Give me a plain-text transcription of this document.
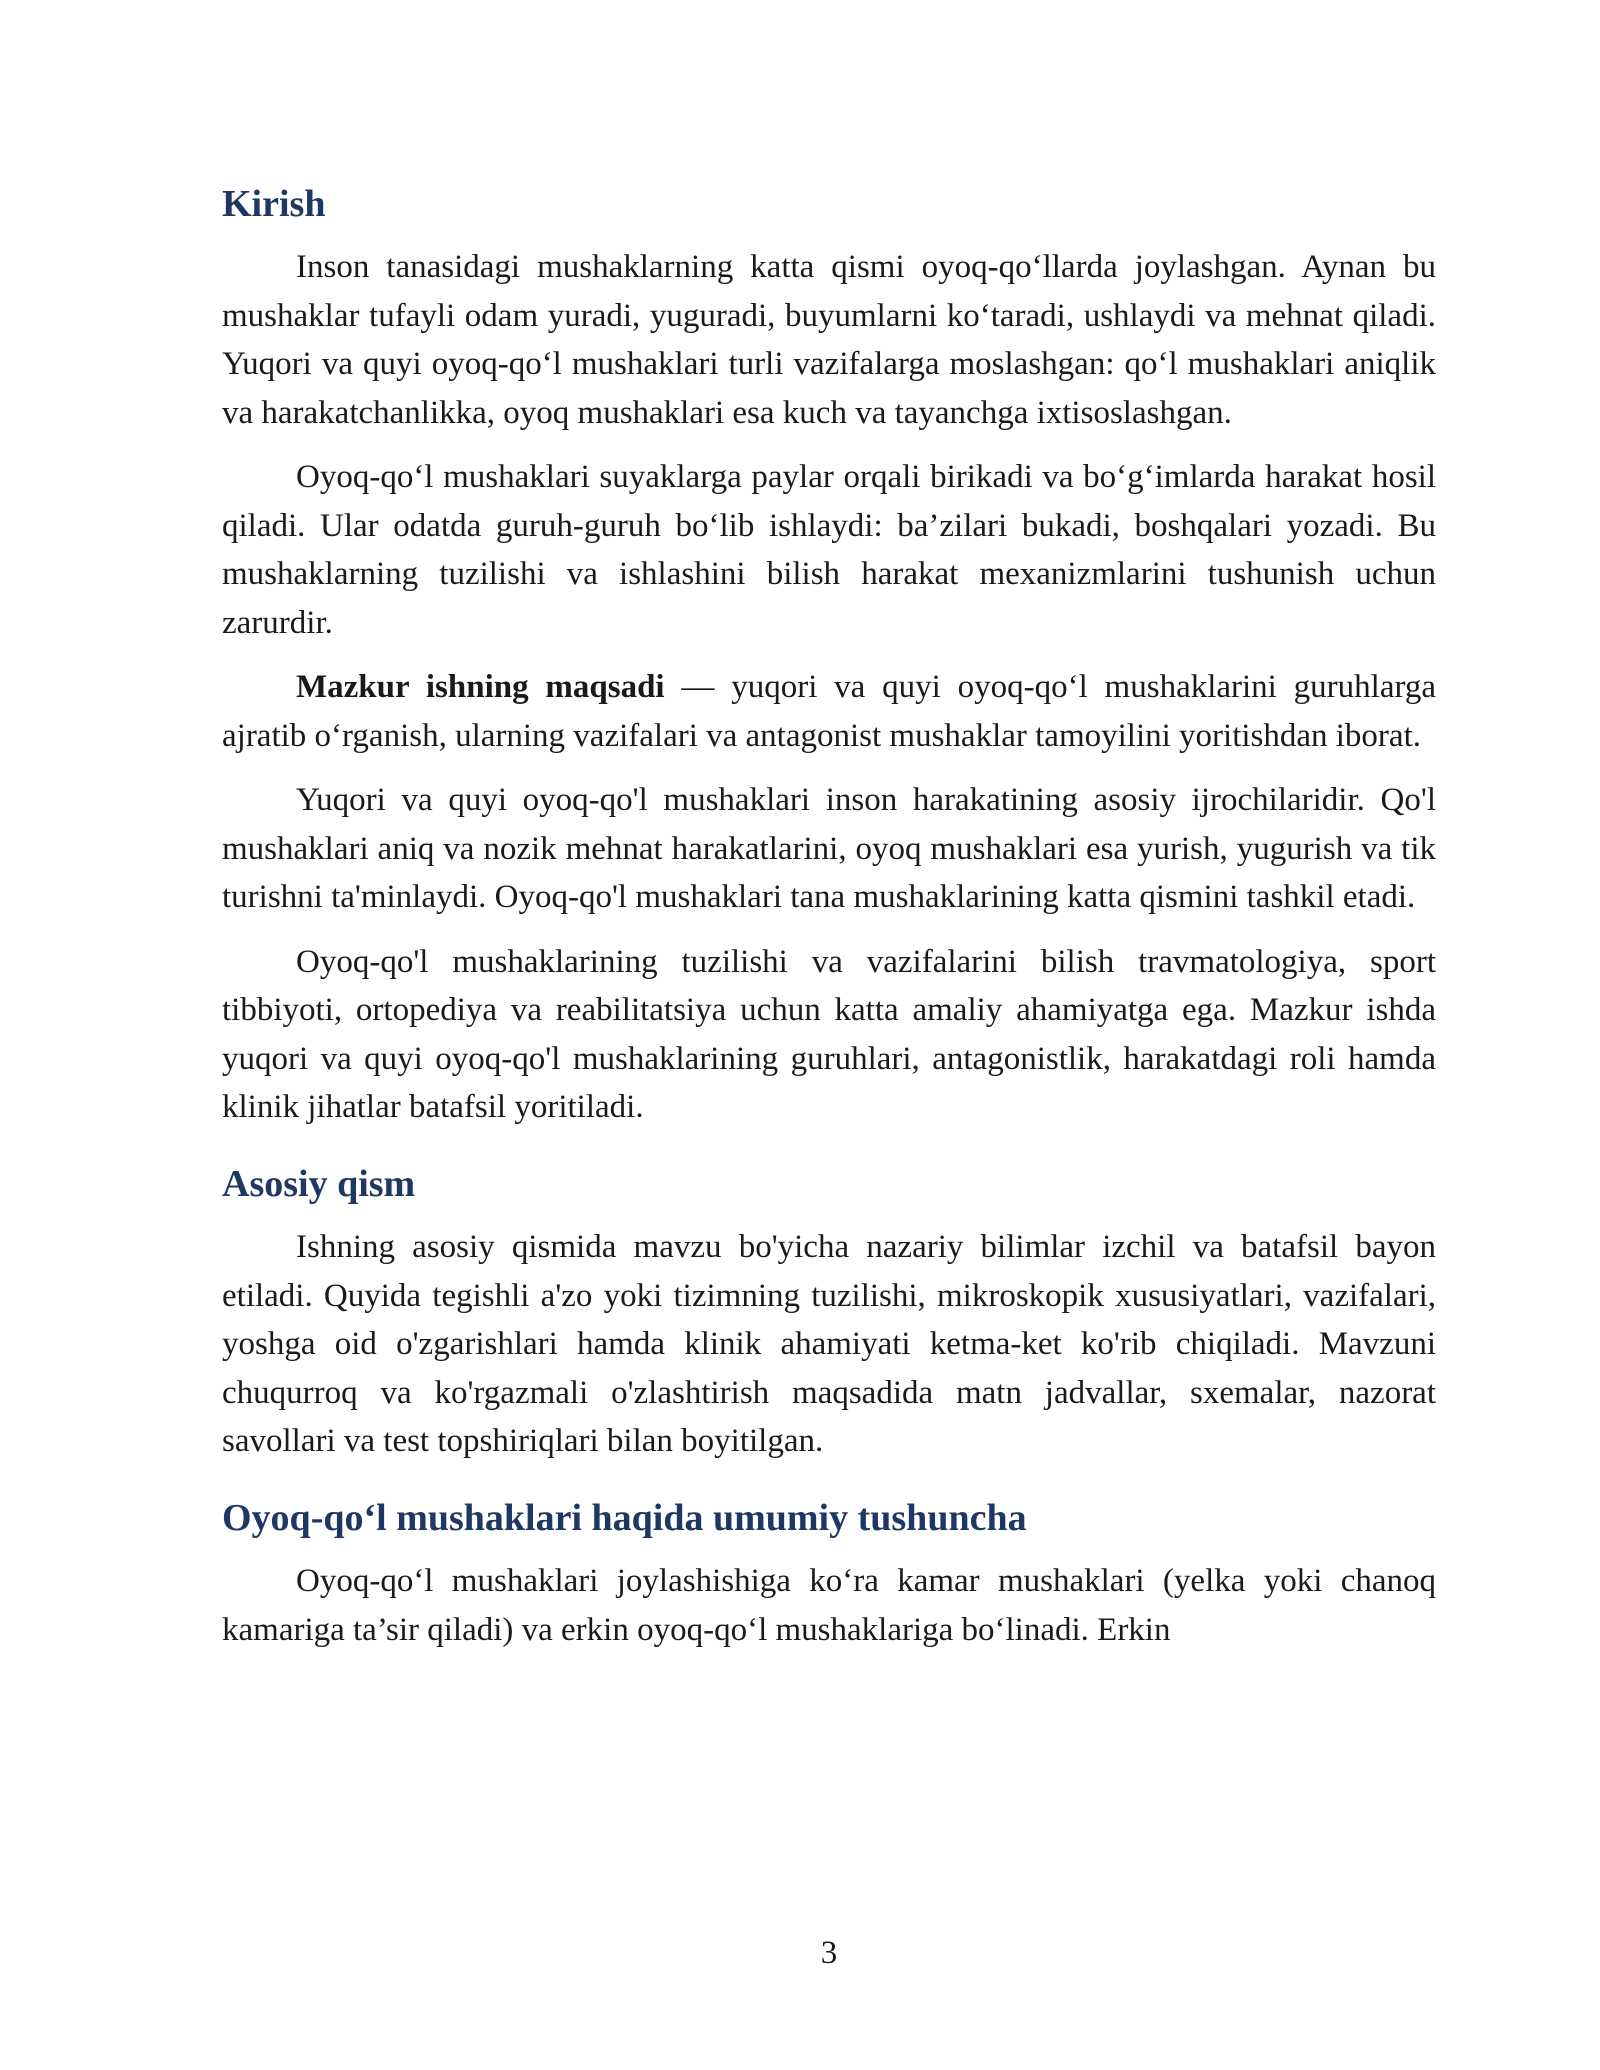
Kirish

Inson tanasidagi mushaklarning katta qismi oyoq-qo‘llarda joylashgan. Aynan bu mushaklar tufayli odam yuradi, yuguradi, buyumlarni ko‘taradi, ushlaydi va mehnat qiladi. Yuqori va quyi oyoq-qo‘l mushaklari turli vazifalarga moslashgan: qo‘l mushaklari aniqlik va harakatchanlikka, oyoq mushaklari esa kuch va tayanchga ixtisoslashgan.

Oyoq-qo‘l mushaklari suyaklarga paylar orqali birikadi va bo‘g‘imlarda harakat hosil qiladi. Ular odatda guruh-guruh bo‘lib ishlaydi: ba’zilari bukadi, boshqalari yozadi. Bu mushaklarning tuzilishi va ishlashini bilish harakat mexanizmlarini tushunish uchun zarurdir.

Mazkur ishning maqsadi — yuqori va quyi oyoq-qo‘l mushaklarini guruhlarga ajratib o‘rganish, ularning vazifalari va antagonist mushaklar tamoyilini yoritishdan iborat.

Yuqori va quyi oyoq-qo'l mushaklari inson harakatining asosiy ijrochilaridir. Qo'l mushaklari aniq va nozik mehnat harakatlarini, oyoq mushaklari esa yurish, yugurish va tik turishni ta'minlaydi. Oyoq-qo'l mushaklari tana mushaklarining katta qismini tashkil etadi.

Oyoq-qo'l mushaklarining tuzilishi va vazifalarini bilish travmatologiya, sport tibbiyoti, ortopediya va reabilitatsiya uchun katta amaliy ahamiyatga ega. Mazkur ishda yuqori va quyi oyoq-qo'l mushaklarining guruhlari, antagonistlik, harakatdagi roli hamda klinik jihatlar batafsil yoritiladi.

Asosiy qism

Ishning asosiy qismida mavzu bo'yicha nazariy bilimlar izchil va batafsil bayon etiladi. Quyida tegishli a'zo yoki tizimning tuzilishi, mikroskopik xususiyatlari, vazifalari, yoshga oid o'zgarishlari hamda klinik ahamiyati ketma-ket ko'rib chiqiladi. Mavzuni chuqurroq va ko'rgazmali o'zlashtirish maqsadida matn jadvallar, sxemalar, nazorat savollari va test topshiriqlari bilan boyitilgan.

Oyoq-qo‘l mushaklari haqida umumiy tushuncha

Oyoq-qo‘l mushaklari joylashishiga ko‘ra kamar mushaklari (yelka yoki chanoq kamariga ta’sir qiladi) va erkin oyoq-qo‘l mushaklariga bo‘linadi. Erkin

3
